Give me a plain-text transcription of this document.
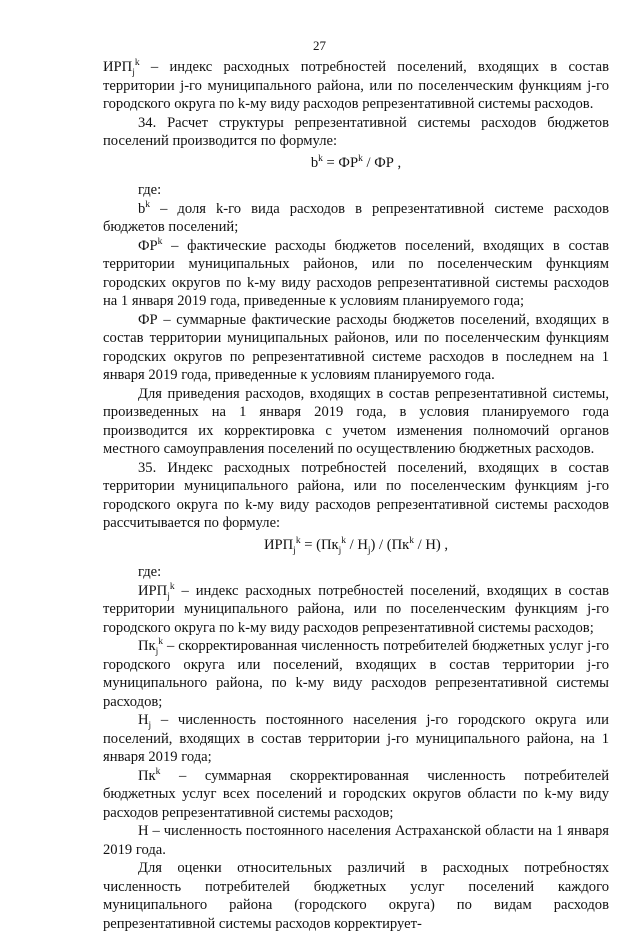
27

$ИРП_j^k$ – индекс расходных потребностей поселений, входящих в состав территории j-го муниципального района, или по поселенческим функциям j-го городского округа по k-му виду расходов репрезентативной системы расходов.

34. Расчет структуры репрезентативной системы расходов бюджетов поселений производится по формуле:

$b^k = ФР^k$ / ФР ,

где:

$b^k$ – доля k-го вида расходов в репрезентативной системе расходов бюджетов поселений;

$ФР^k$ – фактические расходы бюджетов поселений, входящих в состав территории муниципальных районов, или по поселенческим функциям городских округов по k-му виду расходов репрезентативной системы расходов на 1 января 2019 года, приведенные к условиям планируемого года;

ФР – суммарные фактические расходы бюджетов поселений, входящих в состав территории муниципальных районов, или по поселенческим функциям городских округов по репрезентативной системе расходов в последнем на 1 января 2019 года, приведенные к условиям планируемого года.

Для приведения расходов, входящих в состав репрезентативной системы, произведенных на 1 января 2019 года, в условия планируемого года производится их корректировка с учетом изменения полномочий органов местного самоуправления поселений по осуществлению бюджетных расходов.

35. Индекс расходных потребностей поселений, входящих в состав территории муниципального района, или по поселенческим функциям j-го городского округа по k-му виду расходов репрезентативной системы расходов рассчитывается по формуле:

$ИРП_j^k = (Пк_j^k / Н_j) / (Пк^k / Н)$ ,

где:

$ИРП_j^k$ – индекс расходных потребностей поселений, входящих в состав территории муниципального района, или по поселенческим функциям j-го городского округа по k-му виду расходов репрезентативной системы расходов;

$Пк_j^k$ – скорректированная численность потребителей бюджетных услуг j-го городского округа или поселений, входящих в состав территории j-го муниципального района, по k-му виду расходов репрезентативной системы расходов;

$Н_j$ – численность постоянного населения j-го городского округа или поселений, входящих в состав территории j-го муниципального района, на 1 января 2019 года;

$Пк^k$ – суммарная скорректированная численность потребителей бюджетных услуг всех поселений и городских округов области по k-му виду расходов репрезентативной системы расходов;

Н – численность постоянного населения Астраханской области на 1 января 2019 года.

Для оценки относительных различий в расходных потребностях численность потребителей бюджетных услуг поселений каждого муниципального района (городского округа) по видам расходов репрезентативной системы расходов корректирует-
